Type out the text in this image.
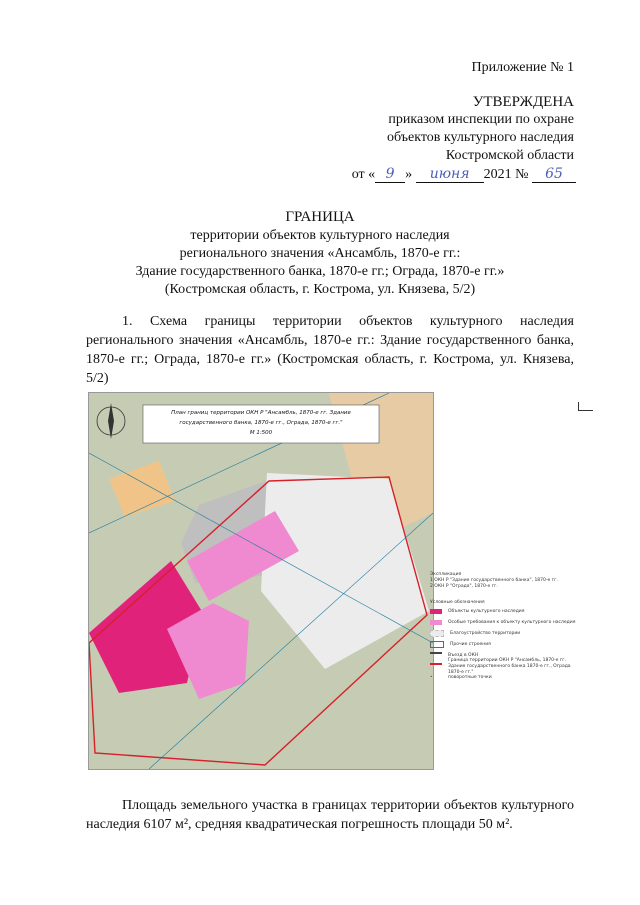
Приложение № 1
УТВЕРЖДЕНА
приказом инспекции по охране
объектов культурного наследия
Костромской области
от « 9 » июня 2021 № 65
ГРАНИЦА
территории объектов культурного наследия
регионального значения «Ансамбль, 1870-е гг.:
Здание государственного банка, 1870-е гг.; Ограда, 1870-е гг.»
(Костромская область, г. Кострома, ул. Князева, 5/2)
1. Схема границы территории объектов культурного наследия регионального значения «Ансамбль, 1870-е гг.: Здание государственного банка, 1870-е гг.; Ограда, 1870-е гг.» (Костромская область, г. Кострома, ул. Князева, 5/2)
План границ территории ОКН Р "Ансамбль, 1870-е гг. Здание
государственного банка, 1870-е гг., Ограда, 1870-е гг."
М 1:500
Экспликация
1 ОКН Р "Здание государственного банка", 1870-е гг.
2 ОКН Р "Ограда", 1870-е гг.
Условные обозначения
Объекты культурного наследия
Особые требования к объекту культурного наследия
Благоустройство территории
Прочие строения
Въезд в ОКН
Граница территории ОКН Р "Ансамбль, 1870-е гг. Здание государственного банка 1870-е гг., Ограда 1870-е гг."
•	поворотные точки
Площадь земельного участка в границах территории объектов культурного наследия 6107 м², средняя квадратическая погрешность площади 50 м².
